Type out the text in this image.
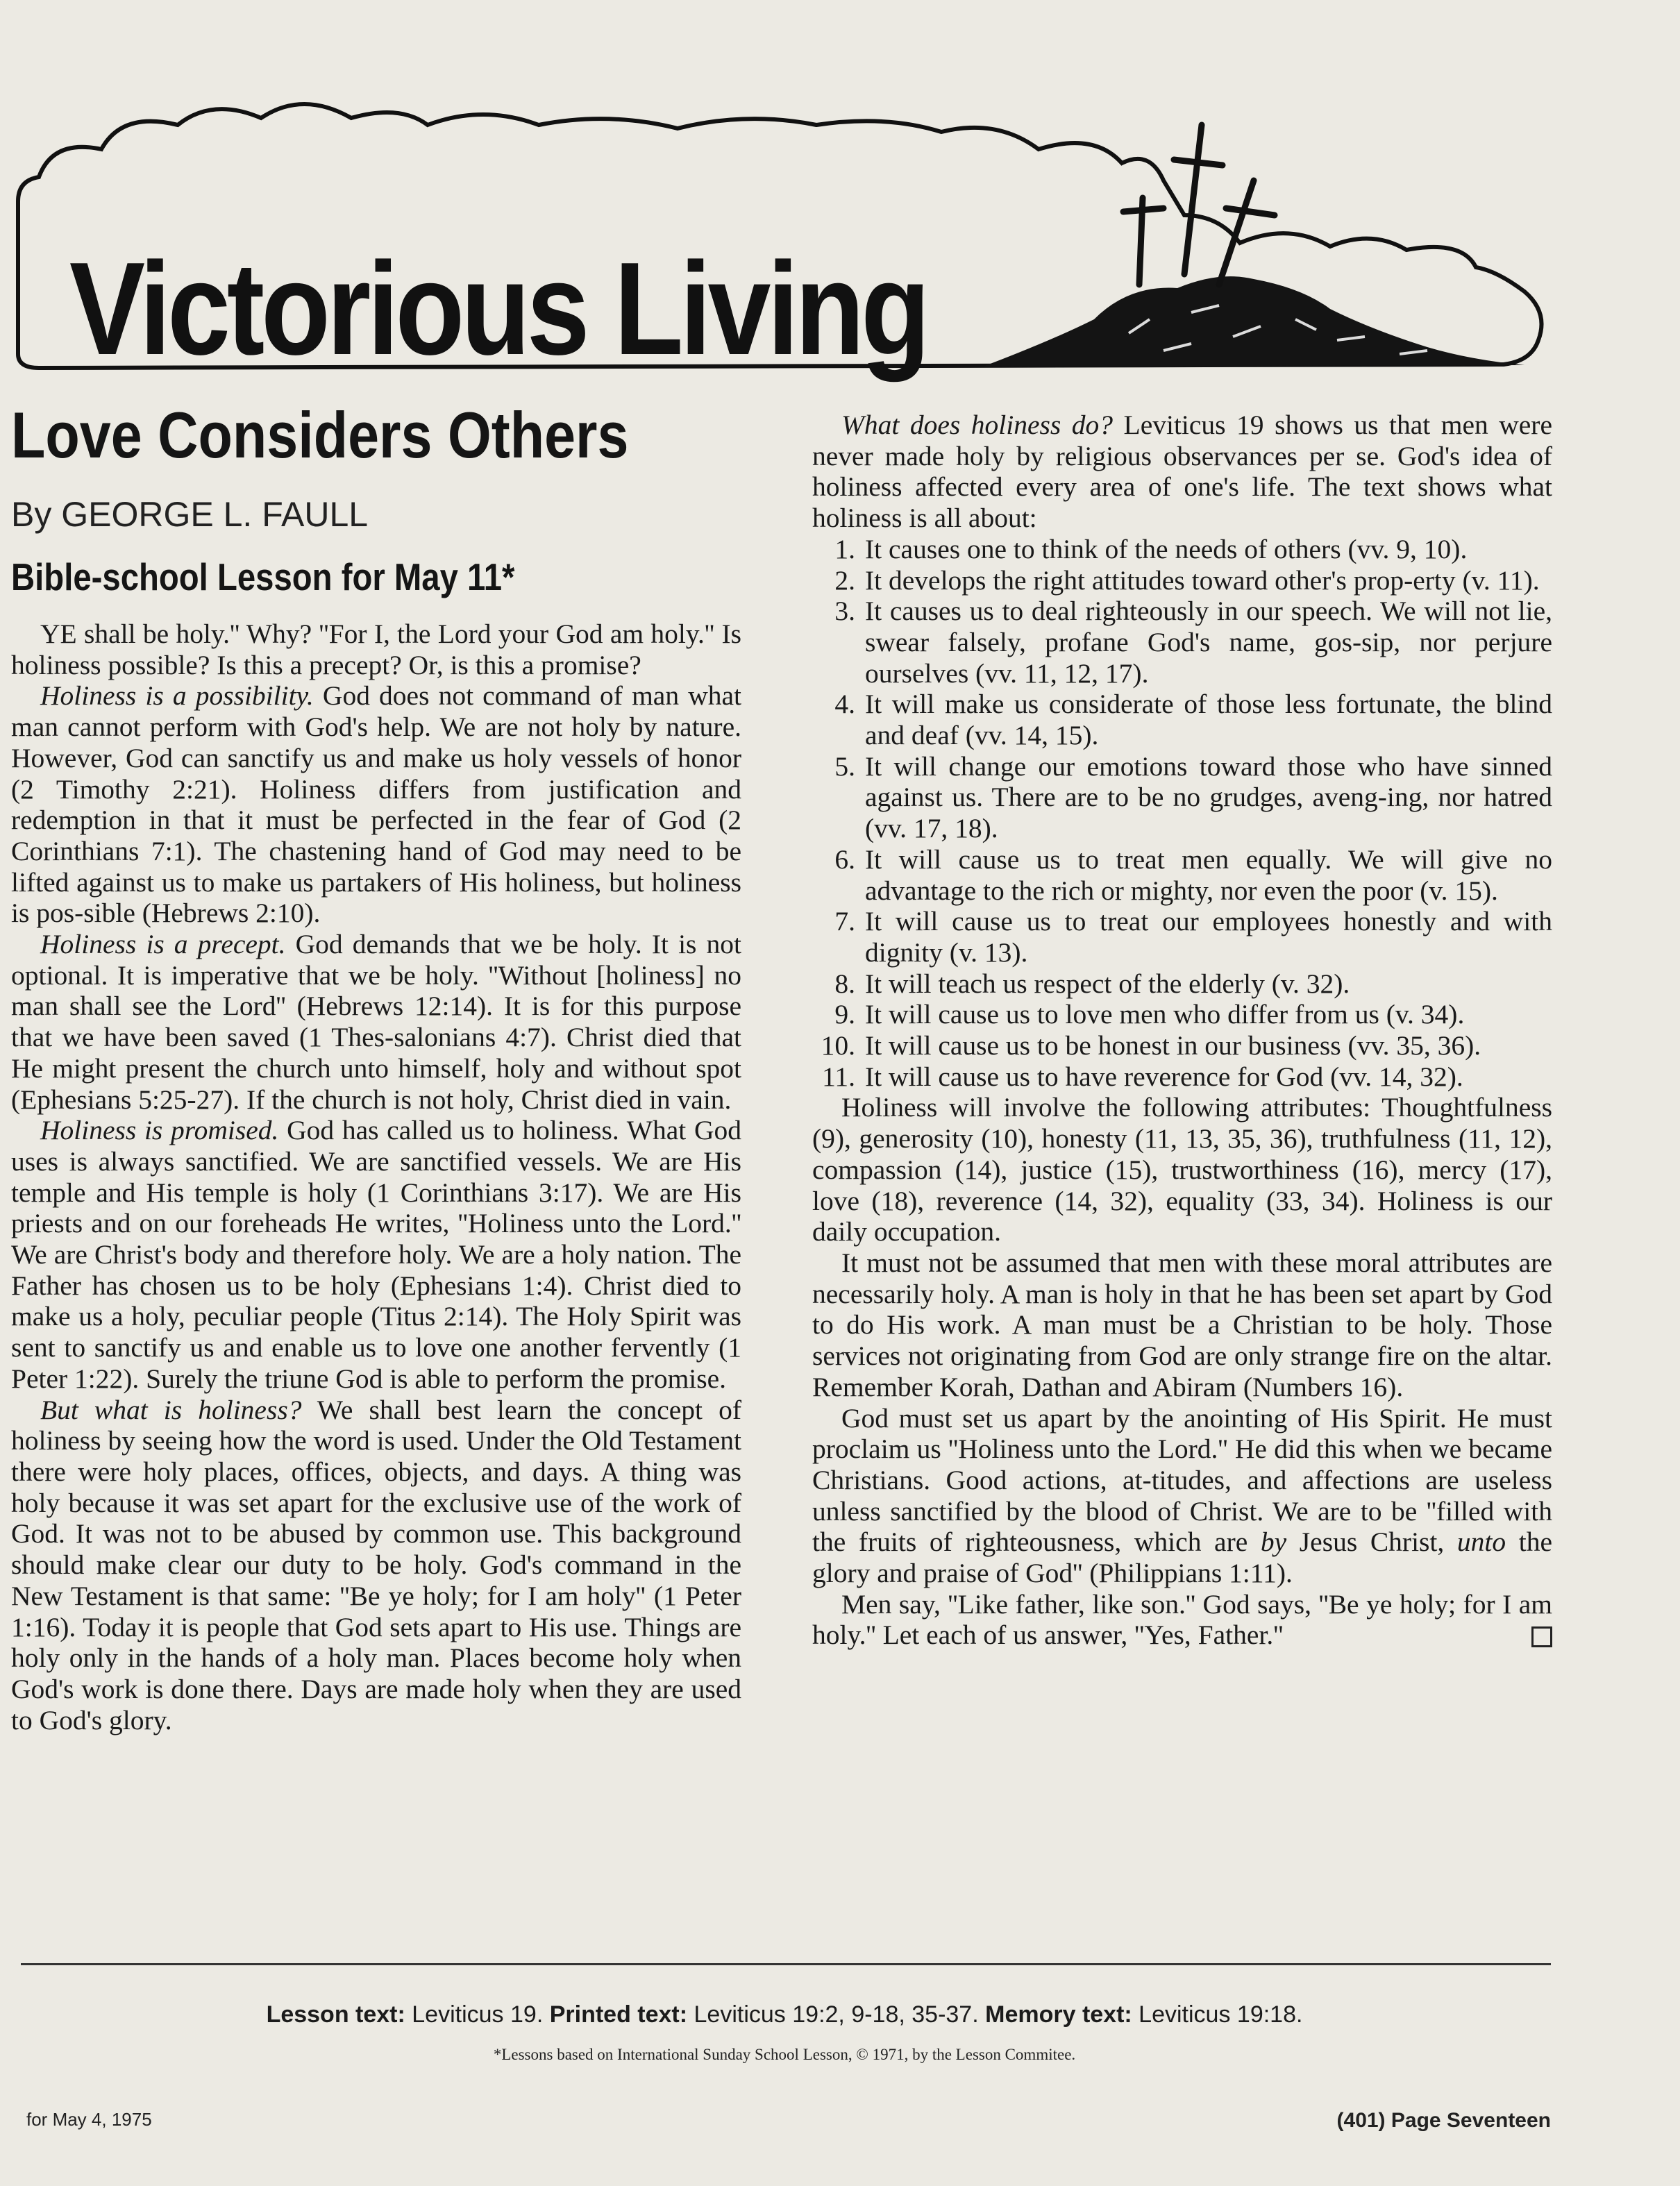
Victorious Living
Love Considers Others
By GEORGE L. FAULL
Bible-school Lesson for May 11*

YE shall be holy.'' Why? ''For I, the Lord your God am holy.'' Is holiness possible? Is this a precept? Or, is this a promise?

Holiness is a possibility. God does not command of man what man cannot perform with God's help. We are not holy by nature. However, God can sanctify us and make us holy vessels of honor (2 Timothy 2:21). Holiness differs from justification and redemption in that it must be perfected in the fear of God (2 Corinthians 7:1). The chastening hand of God may need to be lifted against us to make us partakers of His holiness, but holiness is pos-sible (Hebrews 2:10).

Holiness is a precept. God demands that we be holy. It is not optional. It is imperative that we be holy. ''Without [holiness] no man shall see the Lord'' (Hebrews 12:14). It is for this purpose that we have been saved (1 Thes-salonians 4:7). Christ died that He might present the church unto himself, holy and without spot (Ephesians 5:25-27). If the church is not holy, Christ died in vain.

Holiness is promised. God has called us to holiness. What God uses is always sanctified. We are sanctified vessels. We are His temple and His temple is holy (1 Corinthians 3:17). We are His priests and on our foreheads He writes, ''Holiness unto the Lord.'' We are Christ's body and therefore holy. We are a holy nation. The Father has chosen us to be holy (Ephesians 1:4). Christ died to make us a holy, peculiar people (Titus 2:14). The Holy Spirit was sent to sanctify us and enable us to love one another fervently (1 Peter 1:22). Surely the triune God is able to perform the promise.

But what is holiness? We shall best learn the concept of holiness by seeing how the word is used. Under the Old Testament there were holy places, offices, objects, and days. A thing was holy because it was set apart for the exclusive use of the work of God. It was not to be abused by common use. This background should make clear our duty to be holy. God's command in the New Testament is that same: ''Be ye holy; for I am holy'' (1 Peter 1:16). Today it is people that God sets apart to His use. Things are holy only in the hands of a holy man. Places become holy when God's work is done there. Days are made holy when they are used to God's glory.

What does holiness do? Leviticus 19 shows us that men were never made holy by religious observances per se. God's idea of holiness affected every area of one's life. The text shows what holiness is all about:

1. It causes one to think of the needs of others (vv. 9, 10).
2. It develops the right attitudes toward other's prop-erty (v. 11).
3. It causes us to deal righteously in our speech. We will not lie, swear falsely, profane God's name, gos-sip, nor perjure ourselves (vv. 11, 12, 17).
4. It will make us considerate of those less fortunate, the blind and deaf (vv. 14, 15).
5. It will change our emotions toward those who have sinned against us. There are to be no grudges, aveng-ing, nor hatred (vv. 17, 18).
6. It will cause us to treat men equally. We will give no advantage to the rich or mighty, nor even the poor (v. 15).
7. It will cause us to treat our employees honestly and with dignity (v. 13).
8. It will teach us respect of the elderly (v. 32).
9. It will cause us to love men who differ from us (v. 34).
10. It will cause us to be honest in our business (vv. 35, 36).
11. It will cause us to have reverence for God (vv. 14, 32).

Holiness will involve the following attributes: Thoughtfulness (9), generosity (10), honesty (11, 13, 35, 36), truthfulness (11, 12), compassion (14), justice (15), trustworthiness (16), mercy (17), love (18), reverence (14, 32), equality (33, 34). Holiness is our daily occupation.

It must not be assumed that men with these moral attributes are necessarily holy. A man is holy in that he has been set apart by God to do His work. A man must be a Christian to be holy. Those services not originating from God are only strange fire on the altar. Remember Korah, Dathan and Abiram (Numbers 16).

God must set us apart by the anointing of His Spirit. He must proclaim us ''Holiness unto the Lord.'' He did this when we became Christians. Good actions, at-titudes, and affections are useless unless sanctified by the blood of Christ. We are to be ''filled with the fruits of righteousness, which are by Jesus Christ, unto the glory and praise of God'' (Philippians 1:11).

Men say, ''Like father, like son.'' God says, ''Be ye holy; for I am holy.'' Let each of us answer, ''Yes, Father.''

Lesson text: Leviticus 19. Printed text: Leviticus 19:2, 9-18, 35-37. Memory text: Leviticus 19:18.
*Lessons based on International Sunday School Lesson, © 1971, by the Lesson Commitee.
for May 4, 1975	(401) Page Seventeen
